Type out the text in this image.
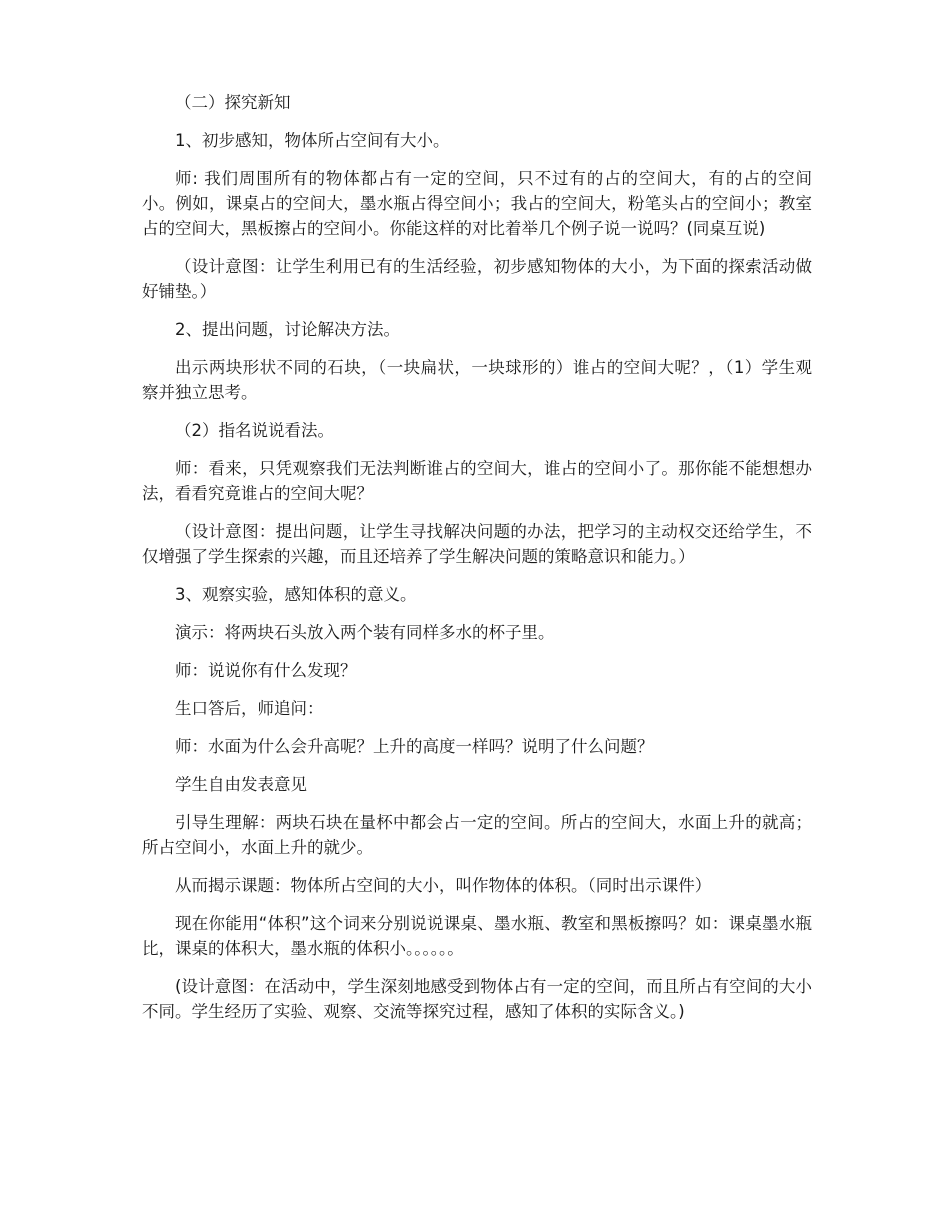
（二）探究新知

1、初步感知，物体所占空间有大小。

师: 我们周围所有的物体都占有一定的空间，只不过有的占的空间大，有的占的空间小。例如，课桌占的空间大，墨水瓶占得空间小；我占的空间大，粉笔头占的空间小；教室占的空间大，黑板擦占的空间小。你能这样的对比着举几个例子说一说吗？(同桌互说)

（设计意图：让学生利用已有的生活经验，初步感知物体的大小，为下面的探索活动做好铺垫。）

2、提出问题，讨论解决方法。

出示两块形状不同的石块，（一块扁状，一块球形的）谁占的空间大呢？，（1）学生观察并独立思考。

（2）指名说说看法。

师：看来，只凭观察我们无法判断谁占的空间大，谁占的空间小了。那你能不能想想办法，看看究竟谁占的空间大呢？

（设计意图：提出问题，让学生寻找解决问题的办法，把学习的主动权交还给学生，不仅增强了学生探索的兴趣，而且还培养了学生解决问题的策略意识和能力。）

3、观察实验，感知体积的意义。

演示：将两块石头放入两个装有同样多水的杯子里。

师：说说你有什么发现？

生口答后，师追问：

师：水面为什么会升高呢？上升的高度一样吗？说明了什么问题？

学生自由发表意见

引导生理解：两块石块在量杯中都会占一定的空间。所占的空间大，水面上升的就高；所占空间小，水面上升的就少。

从而揭示课题：物体所占空间的大小，叫作物体的体积。（同时出示课件）

现在你能用“体积”这个词来分别说说课桌、墨水瓶、教室和黑板擦吗？如：课桌墨水瓶比，课桌的体积大，墨水瓶的体积小。。。。。。

(设计意图：在活动中，学生深刻地感受到物体占有一定的空间，而且所占有空间的大小不同。学生经历了实验、观察、交流等探究过程，感知了体积的实际含义。)
